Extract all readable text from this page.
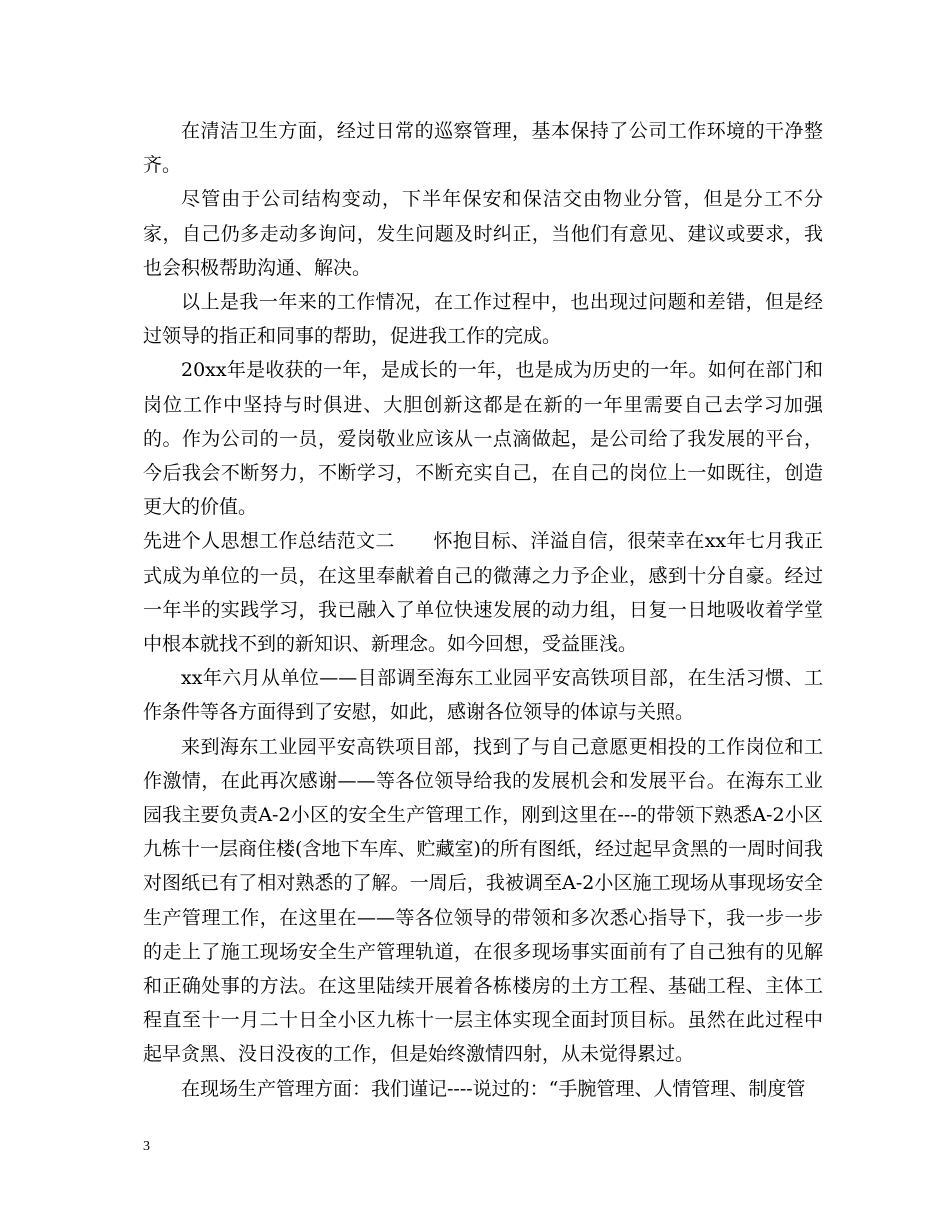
在清洁卫生方面，经过日常的巡察管理，基本保持了公司工作环境的干净整齐。

尽管由于公司结构变动，下半年保安和保洁交由物业分管，但是分工不分家，自己仍多走动多询问，发生问题及时纠正，当他们有意见、建议或要求，我也会积极帮助沟通、解决。

以上是我一年来的工作情况，在工作过程中，也出现过问题和差错，但是经过领导的指正和同事的帮助，促进我工作的完成。

20xx年是收获的一年，是成长的一年，也是成为历史的一年。如何在部门和岗位工作中坚持与时俱进、大胆创新这都是在新的一年里需要自己去学习加强的。作为公司的一员，爱岗敬业应该从一点滴做起，是公司给了我发展的平台，今后我会不断努力，不断学习，不断充实自己，在自己的岗位上一如既往，创造更大的价值。

先进个人思想工作总结范文二　　 怀抱目标、洋溢自信，很荣幸在xx年七月我正式成为单位的一员，在这里奉献着自己的微薄之力予企业，感到十分自豪。经过一年半的实践学习，我已融入了单位快速发展的动力组，日复一日地吸收着学堂中根本就找不到的新知识、新理念。如今回想，受益匪浅。

xx年六月从单位——目部调至海东工业园平安高铁项目部，在生活习惯、工作条件等各方面得到了安慰，如此，感谢各位领导的体谅与关照。

来到海东工业园平安高铁项目部，找到了与自己意愿更相投的工作岗位和工作激情，在此再次感谢——等各位领导给我的发展机会和发展平台。在海东工业园我主要负责A-2小区的安全生产管理工作，刚到这里在---的带领下熟悉A-2小区九栋十一层商住楼(含地下车库、贮藏室)的所有图纸，经过起早贪黑的一周时间我对图纸已有了相对熟悉的了解。一周后，我被调至A-2小区施工现场从事现场安全生产管理工作，在这里在——等各位领导的带领和多次悉心指导下，我一步一步的走上了施工现场安全生产管理轨道，在很多现场事实面前有了自己独有的见解和正确处事的方法。在这里陆续开展着各栋楼房的土方工程、基础工程、主体工程直至十一月二十日全小区九栋十一层主体实现全面封顶目标。虽然在此过程中起早贪黑、没日没夜的工作，但是始终激情四射，从未觉得累过。

在现场生产管理方面：我们谨记----说过的：“手腕管理、人情管理、制度管

3
